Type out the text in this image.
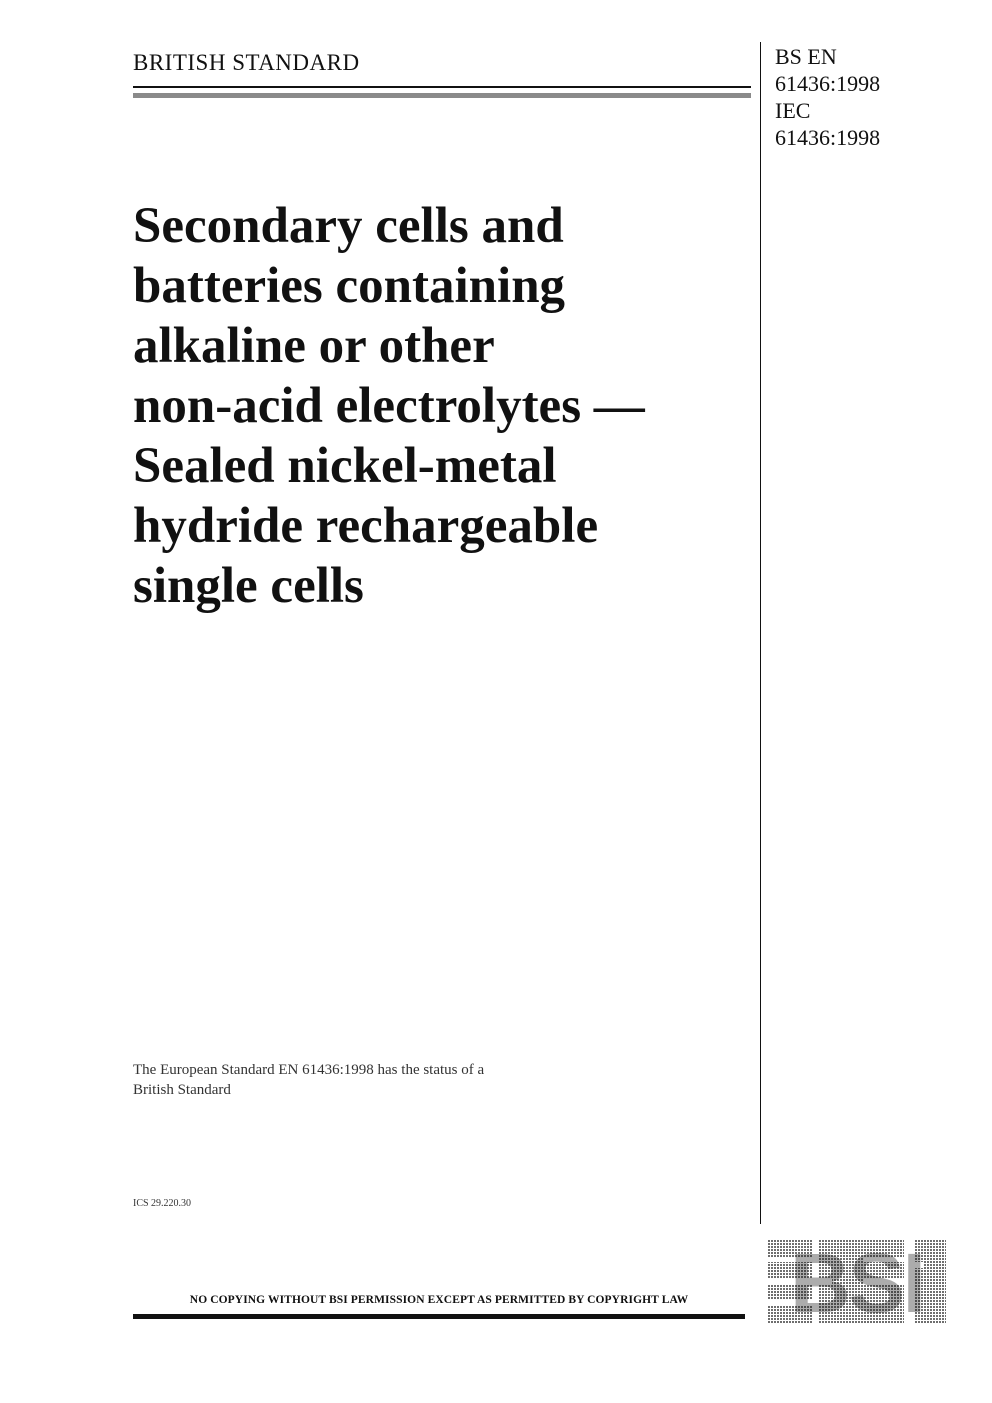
BRITISH STANDARD	BS EN
61436:1998
IEC
61436:1998
Secondary cells and
batteries containing
alkaline or other
non-acid electrolytes —
Sealed nickel-metal
hydride rechargeable
single cells
The European Standard EN 61436:1998 has the status of a
British Standard
ICS 29.220.30
NO COPYING WITHOUT BSI PERMISSION EXCEPT AS PERMITTED BY COPYRIGHT LAW	BSI
